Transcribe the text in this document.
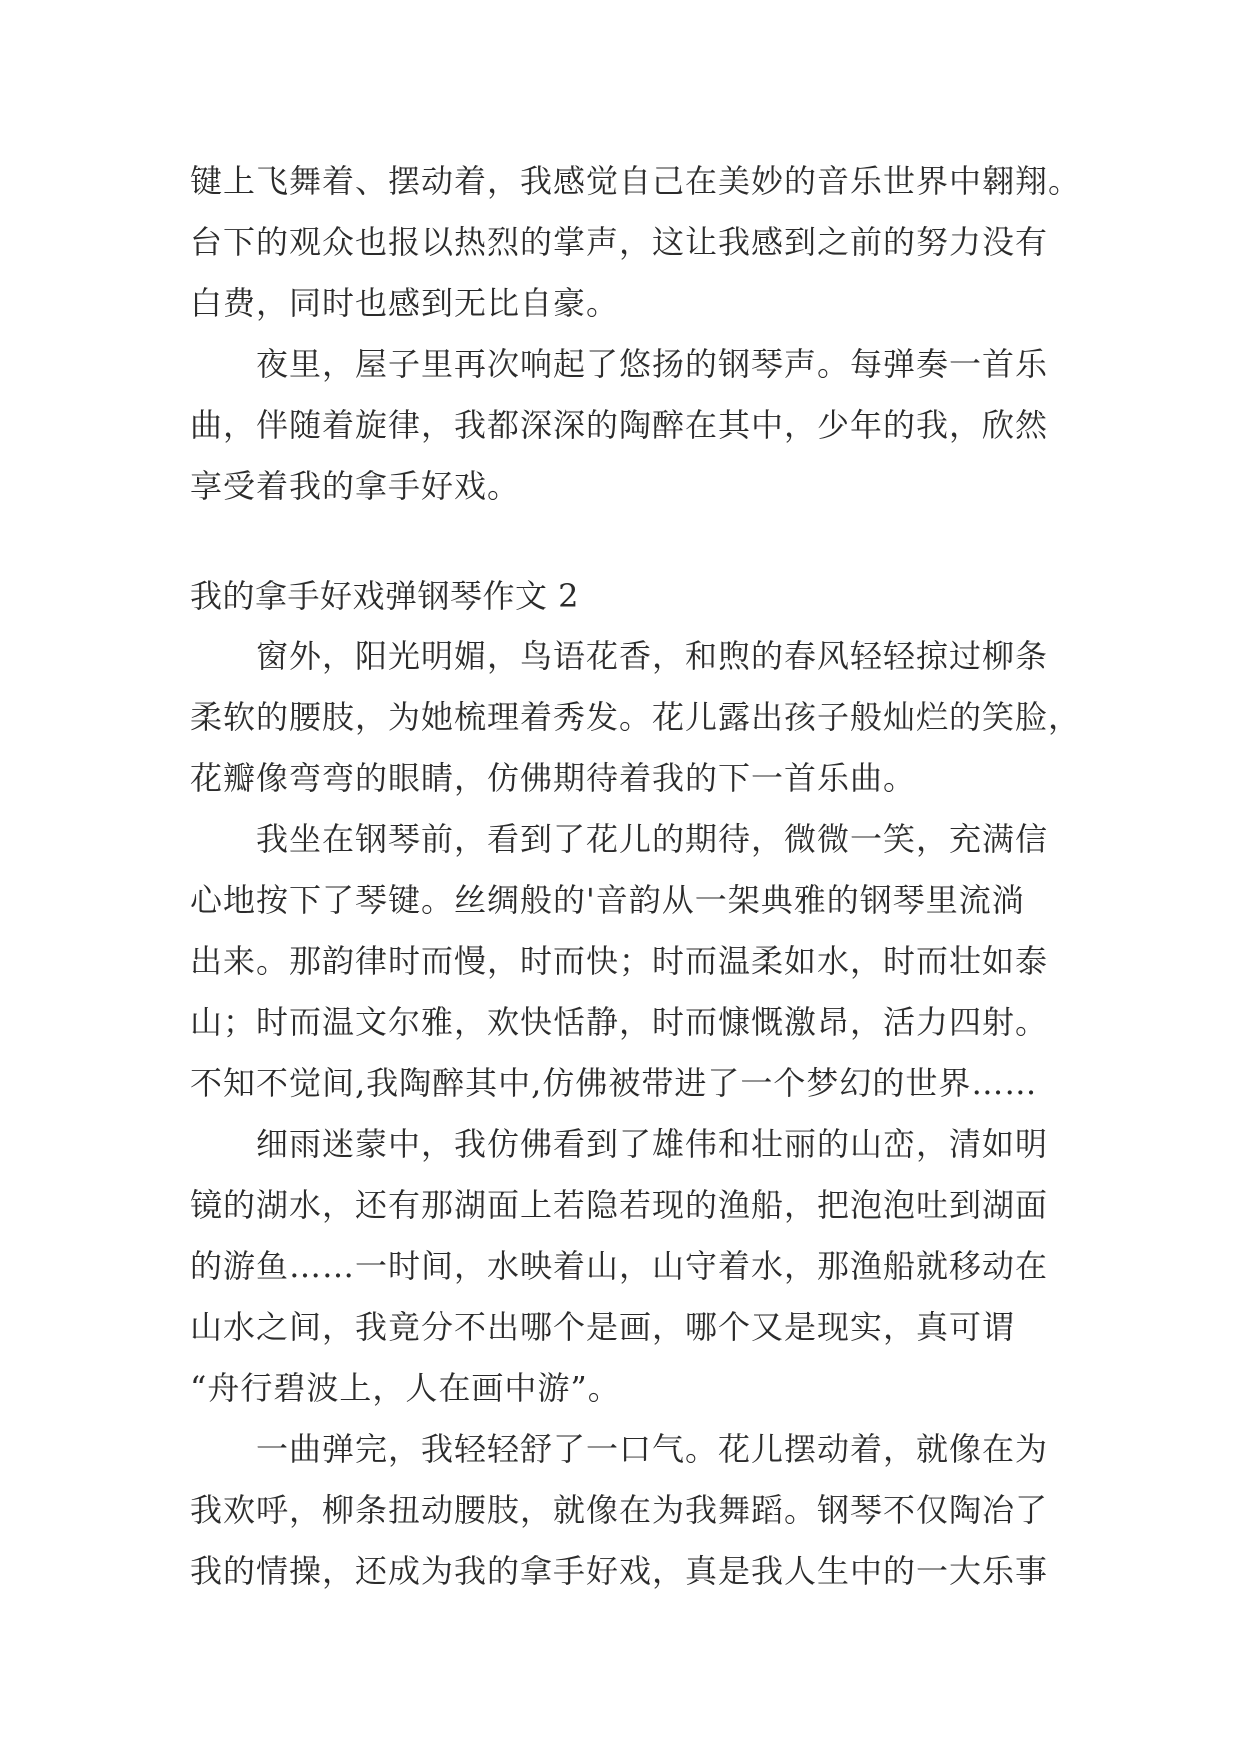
键上飞舞着、摆动着，我感觉自己在美妙的音乐世界中翱翔。
台下的观众也报以热烈的掌声，这让我感到之前的努力没有
白费，同时也感到无比自豪。
　　夜里，屋子里再次响起了悠扬的钢琴声。每弹奏一首乐
曲，伴随着旋律，我都深深的陶醉在其中，少年的我，欣然
享受着我的拿手好戏。
我的拿手好戏弹钢琴作文 2
　　窗外，阳光明媚，鸟语花香，和煦的春风轻轻掠过柳条
柔软的腰肢，为她梳理着秀发。花儿露出孩子般灿烂的笑脸，
花瓣像弯弯的眼睛，仿佛期待着我的下一首乐曲。
　　我坐在钢琴前，看到了花儿的期待，微微一笑，充满信
心地按下了琴键。丝绸般的'音韵从一架典雅的钢琴里流淌
出来。那韵律时而慢，时而快；时而温柔如水，时而壮如泰
山；时而温文尔雅，欢快恬静，时而慷慨激昂，活力四射。
不知不觉间,我陶醉其中,仿佛被带进了一个梦幻的世界……
　　细雨迷蒙中，我仿佛看到了雄伟和壮丽的山峦，清如明
镜的湖水，还有那湖面上若隐若现的渔船，把泡泡吐到湖面
的游鱼……一时间，水映着山，山守着水，那渔船就移动在
山水之间，我竟分不出哪个是画，哪个又是现实，真可谓
“舟行碧波上，人在画中游”。
　　一曲弹完，我轻轻舒了一口气。花儿摆动着，就像在为
我欢呼，柳条扭动腰肢，就像在为我舞蹈。钢琴不仅陶冶了
我的情操，还成为我的拿手好戏，真是我人生中的一大乐事
